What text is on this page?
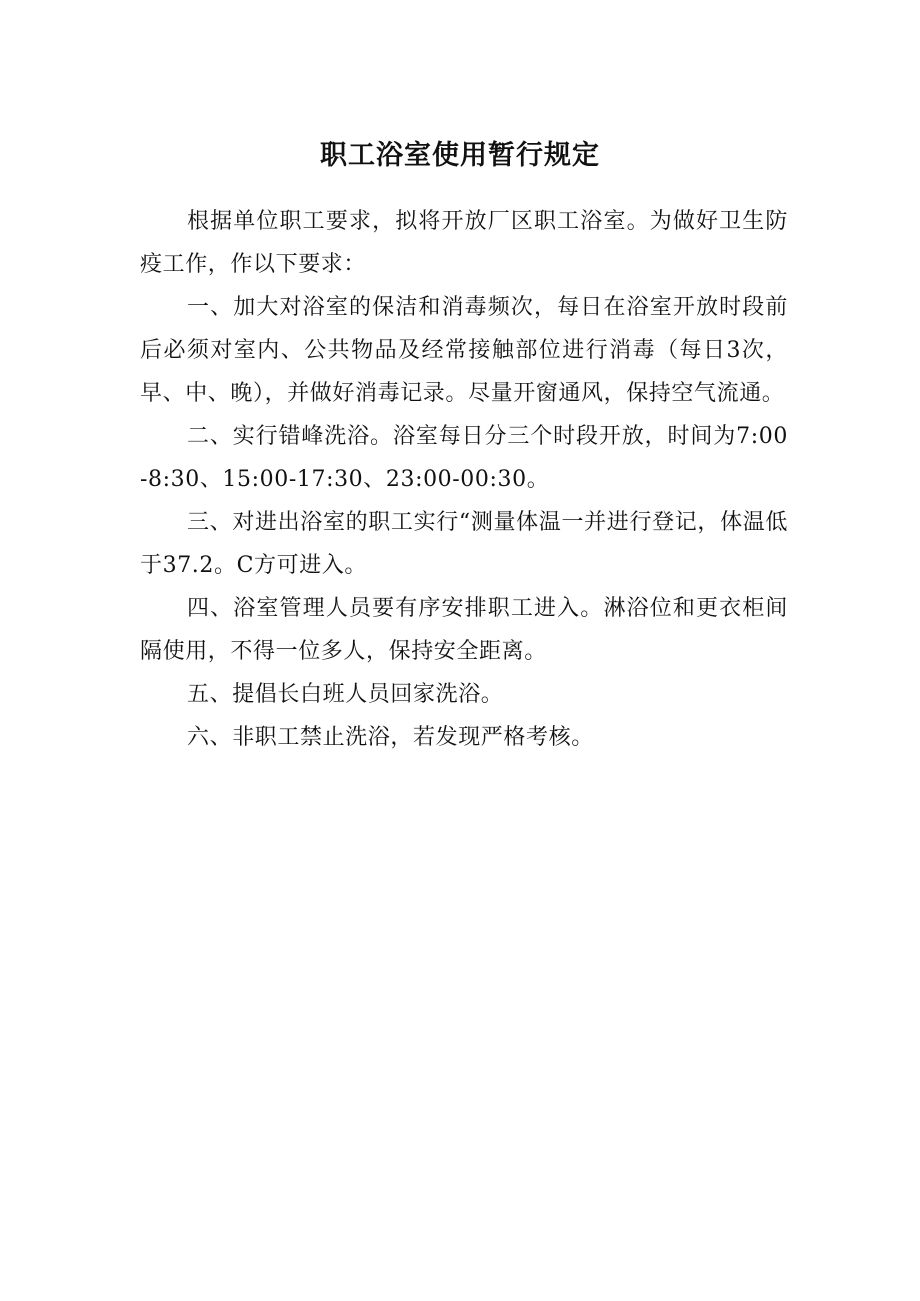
职工浴室使用暂行规定

根据单位职工要求，拟将开放厂区职工浴室。为做好卫生防疫工作，作以下要求：

一、加大对浴室的保洁和消毒频次，每日在浴室开放时段前后必须对室内、公共物品及经常接触部位进行消毒（每日3次，早、中、晚），并做好消毒记录。尽量开窗通风，保持空气流通。

二、实行错峰洗浴。浴室每日分三个时段开放，时间为7:00-8:30、15:00-17:30、23:00-00:30。

三、对进出浴室的职工实行“测量体温一并进行登记，体温低于37.2。C方可进入。

四、浴室管理人员要有序安排职工进入。淋浴位和更衣柜间隔使用，不得一位多人，保持安全距离。

五、提倡长白班人员回家洗浴。

六、非职工禁止洗浴，若发现严格考核。
